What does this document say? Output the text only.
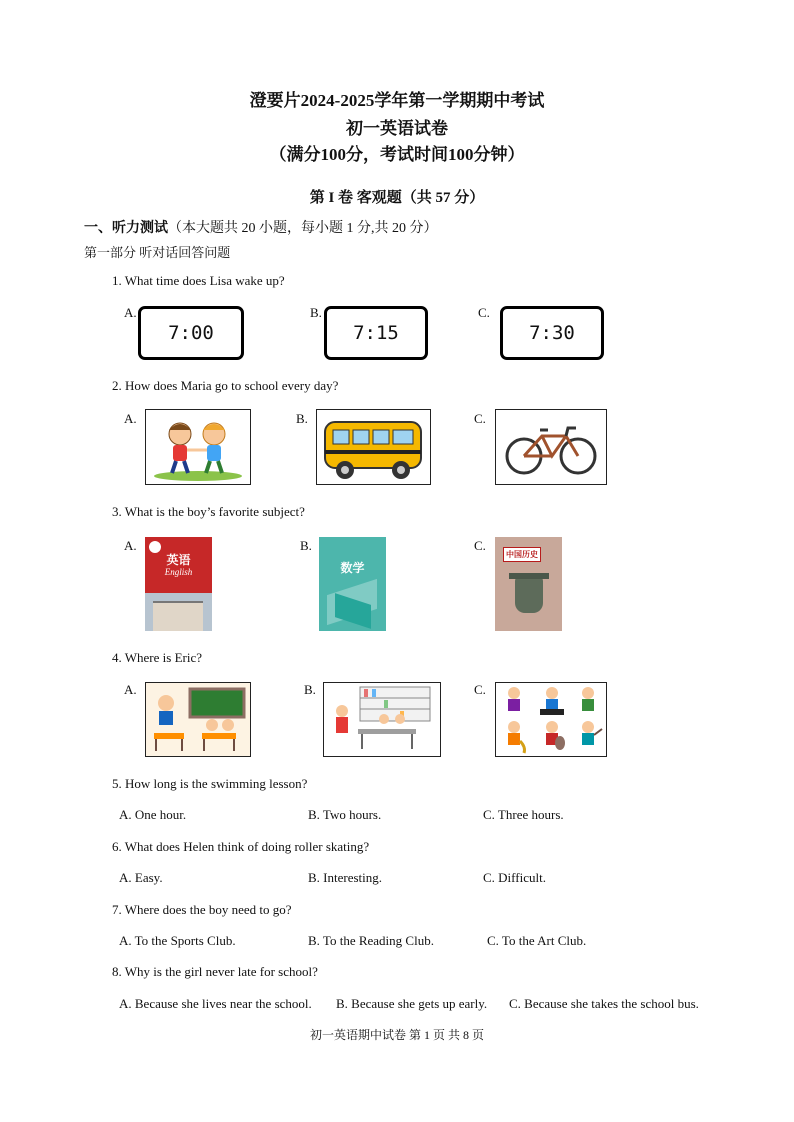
澄要片2024-2025学年第一学期期中考试
初一英语试卷
（满分100分，考试时间100分钟）
第 I 卷 客观题（共 57 分）
一、听力测试（本大题共 20 小题，每小题 1 分,共 20 分）
第一部分 听对话回答问题
1. What time does Lisa wake up?
A.	B.	C.
7:00	7:15	7:30
2. How does Maria go to school every day?
A.	B.	C.
3. What is the boy’s favorite subject?
A.	B.	C.
英语
English	数学
中国历史
4. Where is Eric?
A.	B.	C.
5. How long is the swimming lesson?
A. One hour.	B. Two hours.	C. Three hours.
6. What does Helen think of doing roller skating?
A. Easy.	B. Interesting.	C. Difficult.
7. Where does the boy need to go?
A. To the Sports Club.	B. To the Reading Club.	C. To the Art Club.
8. Why is the girl never late for school?
A. Because she lives near the school. B. Because she gets up early. C. Because she takes the school bus.
初一英语期中试卷 第 1 页 共 8 页
